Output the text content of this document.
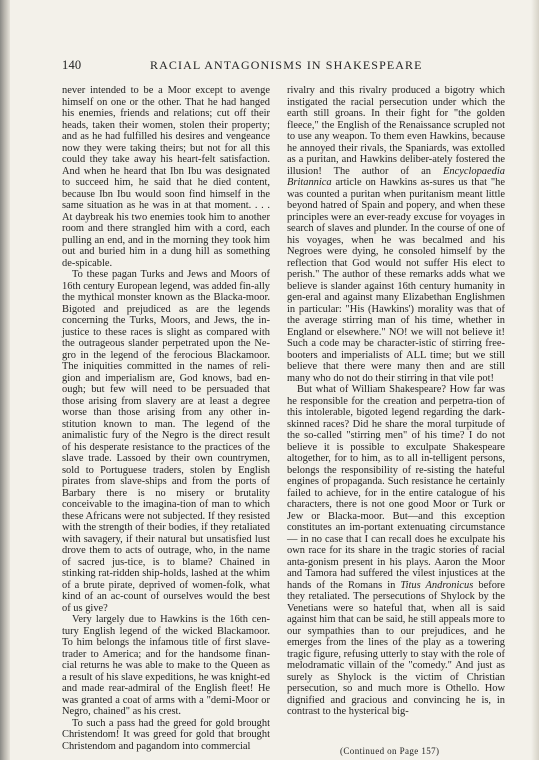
140	RACIAL ANTAGONISMS IN SHAKESPEARE

never intended to be a Moor except to avenge himself on one or the other. That he had hanged his enemies, friends and relations; cut off their heads, taken their women, stolen their property; and as he had fulfilled his desires and vengeance now they were taking theirs; but not for all this could they take away his heart-felt satisfaction. And when he heard that Ibn Ibu was designated to succeed him, he said that he died content, because Ibn Ibu would soon find himself in the same situation as he was in at that moment. . . . At daybreak his two enemies took him to another room and there strangled him with a cord, each pulling an end, and in the morning they took him out and buried him in a dung hill as something de-spicable.

To these pagan Turks and Jews and Moors of 16th century European legend, was added fin-ally the mythical monster known as the Blacka-moor. Bigoted and prejudiced as are the legends concerning the Turks, Moors, and Jews, the in-justice to these races is slight as compared with the outrageous slander perpetrated upon the Ne-gro in the legend of the ferocious Blackamoor. The iniquities committed in the names of reli-gion and imperialism are, God knows, bad en-ough; but few will need to be persuaded that those arising from slavery are at least a degree worse than those arising from any other in-stitution known to man. The legend of the animalistic fury of the Negro is the direct result of his desperate resistance to the practices of the slave trade. Lassoed by their own countrymen, sold to Portuguese traders, stolen by English pirates from slave-ships and from the ports of Barbary there is no misery or brutality conceivable to the imagina-tion of man to which these Africans were not subjected. If they resisted with the strength of their bodies, if they retaliated with savagery, if their natural but unsatisfied lust drove them to acts of outrage, who, in the name of sacred jus-tice, is to blame? Chained in stinking rat-ridden ship-holds, lashed at the whim of a brute pirate, deprived of women-folk, what kind of an ac-count of ourselves would the best of us give?

Very largely due to Hawkins is the 16th cen-tury English legend of the wicked Blackamoor. To him belongs the infamous title of first slave-trader to America; and for the handsome finan-cial returns he was able to make to the Queen as a result of his slave expeditions, he was knight-ed and made rear-admiral of the English fleet! He was granted a coat of arms with a "demi-Moor or Negro, chained" as his crest.

To such a pass had the greed for gold brought Christendom! It was greed for gold that brought Christendom and pagandom into commercial

rivalry and this rivalry produced a bigotry which instigated the racial persecution under which the earth still groans. In their fight for "the golden fleece," the English of the Renaissance scrupled not to use any weapon. To them even Hawkins, because he annoyed their rivals, the Spaniards, was extolled as a puritan, and Hawkins deliber-ately fostered the illusion! The author of an Encyclopaedia Britannica article on Hawkins as-sures us that "he was counted a puritan when puritanism meant little beyond hatred of Spain and popery, and when these principles were an ever-ready excuse for voyages in search of slaves and plunder. In the course of one of his voyages, when he was becalmed and his Negroes were dying, he consoled himself by the reflection that God would not suffer His elect to perish." The author of these remarks adds what we believe is slander against 16th century humanity in gen-eral and against many Elizabethan Englishmen in particular: "His (Hawkins') morality was that of the average stirring man of his time, whether in England or elsewhere." NO! we will not believe it! Such a code may be character-istic of stirring free-booters and imperialists of ALL time; but we still believe that there were many then and are still many who do not do their stirring in that vile pot!

But what of William Shakespeare? How far was he responsible for the creation and perpetra-tion of this intolerable, bigoted legend regarding the dark-skinned races? Did he share the moral turpitude of the so-called "stirring men" of his time? I do not believe it is possible to exculpate Shakespeare altogether, for to him, as to all in-telligent persons, belongs the responsibility of re-sisting the hateful engines of propaganda. Such resistance he certainly failed to achieve, for in the entire catalogue of his characters, there is not one good Moor or Turk or Jew or Blacka-moor. But—and this exception constitutes an im-portant extenuating circumstance — in no case that I can recall does he exculpate his own race for its share in the tragic stories of racial anta-gonism present in his plays. Aaron the Moor and Tamora had suffered the vilest injustices at the hands of the Romans in Titus Andronicus before they retaliated. The persecutions of Shylock by the Venetians were so hateful that, when all is said against him that can be said, he still appeals more to our sympathies than to our prejudices, and he emerges from the lines of the play as a towering tragic figure, refusing utterly to stay with the role of melodramatic villain of the "comedy." And just as surely as Shylock is the victim of Christian persecution, so and much more is Othello. How dignified and gracious and convincing he is, in contrast to the hysterical big-

(Continued on Page 157)
